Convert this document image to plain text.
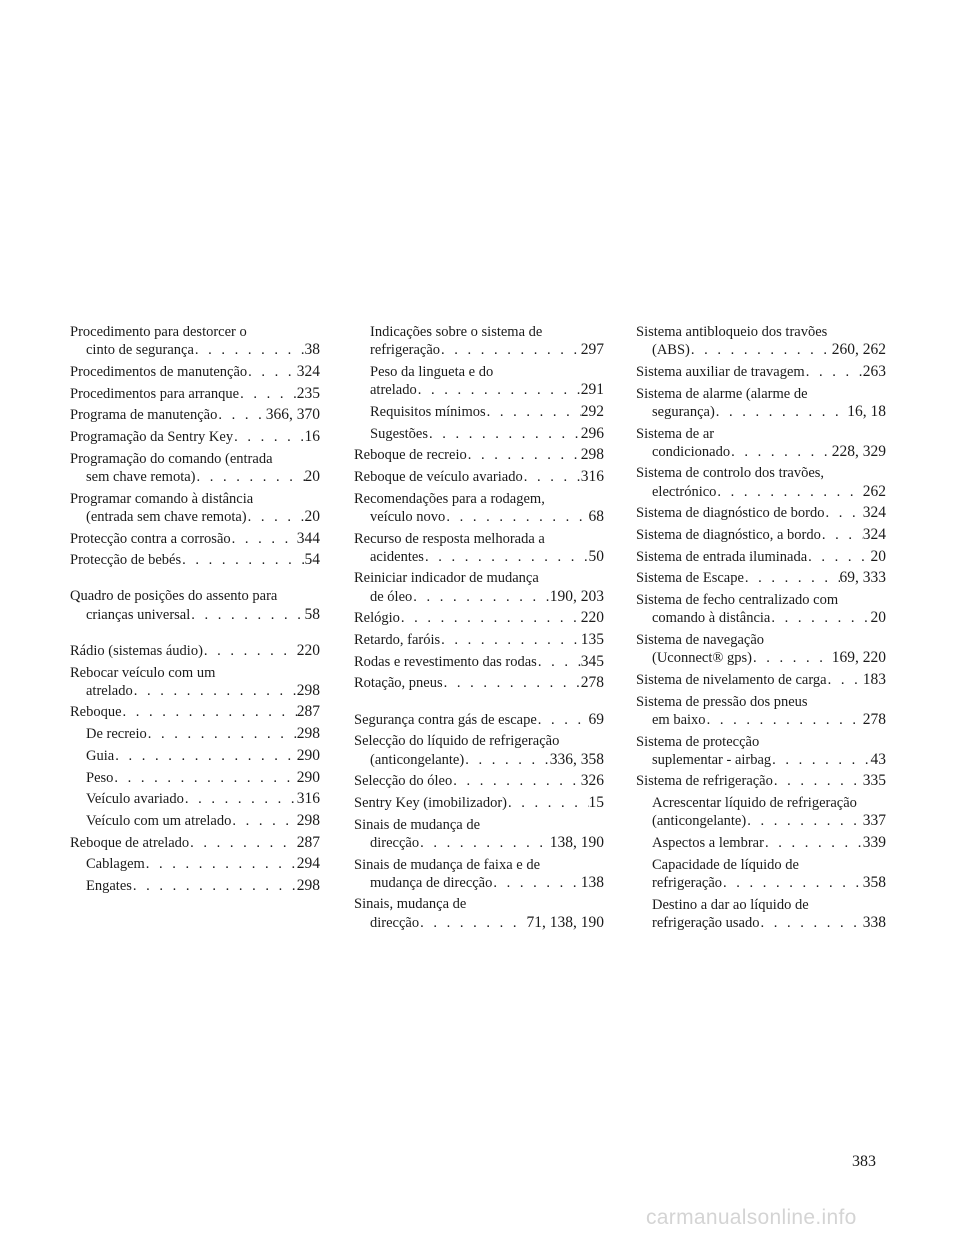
Procedimento para destorcer o
cinto de segurança . . .	38
Procedimentos de manutenção . . .	324
Procedimentos para arranque . . .	235
Programa de manutenção . . .	366, 370
Programação da Sentry Key . . .	16
Programação do comando (entrada
sem chave remota) . . .	20
Programar comando à distância
(entrada sem chave remota) . . .	20
Protecção contra a corrosão . . .	344
Protecção de bebés . . .	54
Quadro de posições do assento para
crianças universal . . .	58
Rádio (sistemas áudio) . . .	220
Rebocar veículo com um
atrelado . . .	298
Reboque . . .	287
De recreio . . .	298
Guia . . .	290
Peso . . .	290
Veículo avariado . . .	316
Veículo com um atrelado . . .	298
Reboque de atrelado . . .	287
Cablagem . . .	294
Engates . . .	298
Indicações sobre o sistema de
refrigeração . . .	297
Peso da lingueta e do
atrelado . . .	291
Requisitos mínimos . . .	292
Sugestões . . .	296
Reboque de recreio . . .	298
Reboque de veículo avariado . . .	316
Recomendações para a rodagem,
veículo novo . . .	68
Recurso de resposta melhorada a
acidentes . . .	50
Reiniciar indicador de mudança
de óleo . . .	190, 203
Relógio . . .	220
Retardo, faróis . . .	135
Rodas e revestimento das rodas . . .	345
Rotação, pneus . . .	278
Segurança contra gás de escape . . .	69
Selecção do líquido de refrigeração
(anticongelante) . . .	336, 358
Selecção do óleo . . .	326
Sentry Key (imobilizador) . . .	15
Sinais de mudança de
direcção . . .	138, 190
Sinais de mudança de faixa e de
mudança de direcção . . .	138
Sinais, mudança de
direcção . . .	71, 138, 190
Sistema antibloqueio dos travões
(ABS) . . .	260, 262
Sistema auxiliar de travagem . . .	263
Sistema de alarme (alarme de
segurança) . . .	16, 18
Sistema de ar
condicionado . . .	228, 329
Sistema de controlo dos travões,
electrónico . . .	262
Sistema de diagnóstico de bordo . . . 324
Sistema de diagnóstico, a bordo . . .	324
Sistema de entrada iluminada . . .	20
Sistema de Escape . . .	69, 333
Sistema de fecho centralizado com
comando à distância . . .	20
Sistema de navegação
(Uconnect® gps) . . .	169, 220
Sistema de nivelamento de carga . . . 183
Sistema de pressão dos pneus
em baixo . . .	278
Sistema de protecção
suplementar - airbag . . .	43
Sistema de refrigeração . . .	335
Acrescentar líquido de refrigeração
(anticongelante) . . .	337
Aspectos a lembrar . . .	339
Capacidade de líquido de
refrigeração . . .	358
Destino a dar ao líquido de
refrigeração usado . . .	338
383
carmanualsonline.info
